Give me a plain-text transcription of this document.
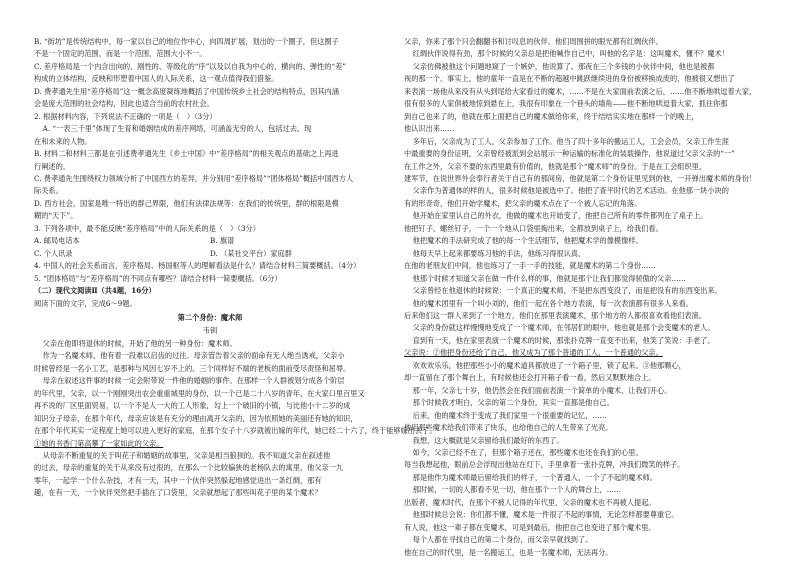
B. “街坊”是传统结构中，每一家以自己的地位作中心，向四周扩展，划出的一个圈子，但这圈子

不是一个固定的范围，而是一个范围，范围大小不一。

C. 差序格局是一个内含出向的、刚性的、等级化的“序”以及以自我为中心的、横向的、弹性的“差”

构成的立体结构，反映和形塑着中国人的人际关系，这一观点值得我们借鉴。

D. 费孝通先生用“差序格局”这一概念高度凝练地概括了中国传统乡土社会的结构特点，因其内涵

会是庞大范围的社会结构，因此也适合当前的农村社会。

2. 根据材料内容，下列说法不正确的一项是（　）（3分）

A. “一表三千里”体现了生育和婚姻结成的差序网络，可涵盖无穷的人，包括过去、现

在和未来的人物。

B. 材料二和材料三都是在引述费孝通先生《乡土中国》中“差序格局”的相关观点的基础之上再进

行阐述的。

C. 费孝通先生围绕权力领域分析了中国西方的差异，并分别用“差序格局”“团体格局”概括中国西方人

际关系。

D. 西方社会，国家是唯一特出的群己界限，他们有法律法规等：在我们的传统里，群的根限是模

糊的“天下”。

3. 下列各项中，最不能反映“差序格局”中的人际关系的是（　）（3分）

A. 邮局电话本	B. 旗谱
C. 个人讯录	D. （某社交平台）家庭群

4. 中国人的社会关系而言，差序格局、杨国枢等人的理解看法是什么？请结合材料三简要概括。（4分）

5. “团体格局”与“差序格局”的不同点有哪些？请结合材料一简要概括。（6分）

（二）现代文阅读Ⅱ（共4题，16分）

阅读下面的文字，完成6～9题。

第二个身份：魔术师

韦钏

父亲在他即将退休的时候，开始了他的另一种身份：魔术师。

作为一名魔术师，他有着一段难以启齿的过往。母亲管告着父亲的面命有无人绝当诱戒，父亲小

时候曾经是一名小工艺，是那种与风因七岁不上的、三个同样好不端的老板的面前受尽责怪和屈辱。

母亲在叙述这件事的时候一定会附带说一件他的婚姻的事件。在那样一个人群被划分成各个阶层

的年代里，父亲，以一个刚刚突出农会重重城里的身份，以一个已是二十八岁的青年，在大家口里百里又

再不说的厂区里面贸易，以一个不是人一大的工人形象，勾上一个破旧的小镇，与比他小十二岁的成

知识分子母亲，在那个年代，母亲应该是有充分的理由离开父亲的，因为依照她的美丽还有她的知识，

在那个年代其实一定程度上她可以进入更好的家庭，在那个女子十八岁就被出嫁的年代，她已经二十六了，终于能够嫁出去了。

①她的书香门第高攀了一家如此的父亲。

从母亲不断重复的关于叫花子和婚姻的故事里，父亲是相当狼狈的。我不知道父亲在叙述他

的过去，母亲的重复的关于从来没有过很的，在那么一个比较偏狭的老杨队去的寓里，他父亲一九

零年，一起学一个什么杂技，才有一天，其中一个伙伴突然躲起地感觉进出一条红绸，那有

趣，在有一天，一个伙伴突然把手插在了口袋里，父亲就想起了那些叫花子里的某个魔术？

父亲，你来了那个只会翻翻书和讨叹息的伙伴。他们周围拼的眼光都有红绸伙伴。

红绸伙伴说得有劲，那个时候的父亲总是把他喊作自己中，叫他的名字是：这叫魔术，懂不？魔术！

父亲仿佛被他这个问题地窥了一个嫉妒，他说算了。那夜在三个多钱的小伙伴中间，他也是被都

视的那一个。事实上，他的童年一直是在不断的超越中跳跃继续进的身份被移换成废的，他被很又想出了

来表演一场他从来没有从头到尾给大家看过的魔术，……不是在大家面前表演之后，……他不断地哄逗着大家，

很有很多的人家俱被地惊到悬在上，我很有印象在一个巷头的墙角——他不断地哄逗着大家，抓住你那

到自己也来了的，他就在那上面把自己的魔术做给你来，终于结结实实地在那样一个的晚上，

他认识出来……

多年后，父亲成为了工人，父亲参加了工作。他当了四十多年的搬运工人，工会会员，父亲工作生涯

中最重要的身份证明，父亲曾经被派到会站展示一种运输的标准化的装载操作，他说道过父亲父亲的“一”

在工作之外，父亲不要的东西里最有价值的，他就是那个“魔术师”的身份。于是在工会组织里，

建军节，在说世界外会奉行者关于自己有的那间房，他就是第二个身份证里见到的他，一开弹出魔术师的身份！

父亲作为普通体的样的人，很多时候他是被选中了。他把了查平时代的艺术活动。在他那一块小块的

有的形奇奇，他们开始学魔术，把父亲的魔术点在了一个被人忘记的角落。

他开始在家里认自己的外衣，他做的魔术也开始变了，他把自己所有的零件都列在了桌子上。

他把钉子、螺丝钉子，一个一个地从口袋里掏出来，全都放到桌子上，给我们看。

他把魔术的手法研究成了他的每一个生活细节，他把魔术学的像模像样。

他每天早上起来都要练习他的手法，他练习得很认真，

在他的老朋友们中间，他也练习了一手一手的技能，就是魔术的第二个身份……

他那个时候才知道父亲在做一件什么样的事，他就是那个让我们都觉得骄傲的父亲……

父亲曾经在他退休的时候说：一个真正的魔术师，不是把东西变没了，而是把没有的东西变出来。

他的魔术团里有一个叫小刘的，他们一起在各个地方表演，每一次表演都有很多人来看。

后来他们这一群人来到了一个地方，他们在那里表演魔术，那个地方的人都很喜欢看他们表演。

父亲的身份就这样慢慢地变成了一个魔术师，在邻居们的眼中，他也就是那个会变魔术的老人。

直到有一天，他在家里表演一个魔术的时候，那张扑克牌一直变不出来，他笑了笑说：手老了。

父亲说：②他把身份还给了自己，他又成为了那个普通的工人，一个普通的父亲。

欢欢欢乐乐，他把那些小小的魔术道具都放进了一个箱子里，锁了起来。③他那颗心，

却一直留在了那个舞台上，有时候他还会打开箱子看一看，然后又默默地合上。

那一年，父亲七十岁，他仍然会在我们面前表演一个简单的小魔术，让我们开心。

那个时候我才明白，父亲的第二个身份，其实一直都是他自己。

后来，他的魔术终于变成了我们家里一个很重要的记忆，……

他用那些魔术给我们带来了快乐，也给他自己的人生带来了光亮。

我想，这大概就是父亲留给我们最好的东西了。

如今，父亲已经不在了，但那个箱子还在，那些魔术也还在我们的心里。

每当我想起他，眼前总会浮现出他站在灯下，手里拿着一张扑克牌，冲我们微笑的样子。

那是他作为魔术师最后留给我们的样子，一个普通人，一个了不起的魔术师。

那时候，一切的人都看不见一切，他在那个一个人的舞台上，……

出版者，魔术时代，在那个不被人记得的年代里，父亲的魔术也不再被人提起。

他那时候总会说：你们都不懂，魔术是一件很了不起的事情，无论怎样都要尊重它。

有人说，他这一辈子都在变魔术，可是到最后，他把自己也变进了那个魔术里。

每个人都在寻找自己的第二个身份，而父亲早就找到了。

他在自己的时代里，是一名搬运工，也是一名魔术师，无法再分。
